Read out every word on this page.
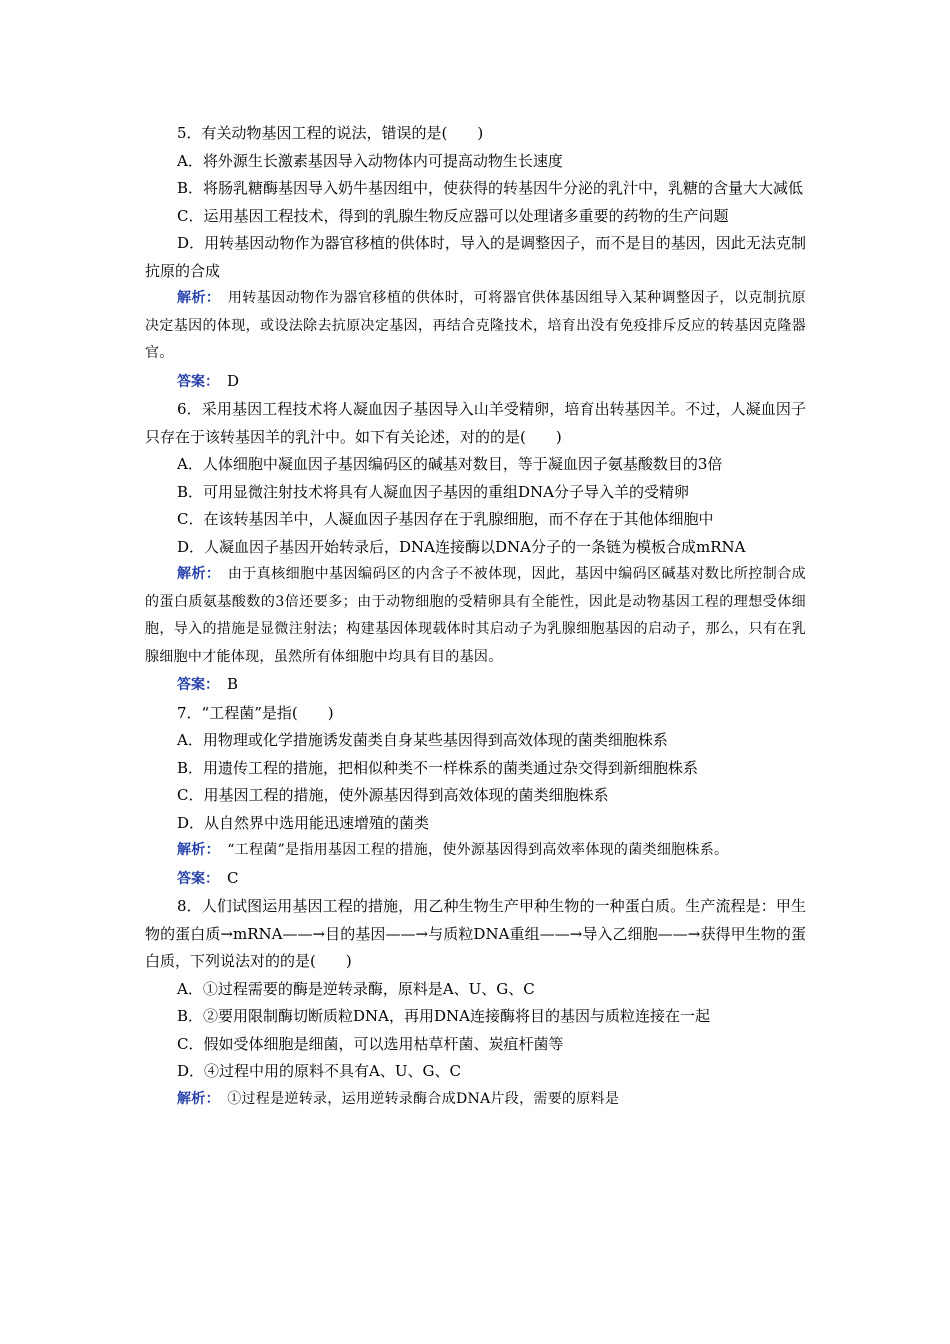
5．有关动物基因工程的说法，错误的是(　　)

A．将外源生长激素基因导入动物体内可提高动物生长速度

B．将肠乳糖酶基因导入奶牛基因组中，使获得的转基因牛分泌的乳汁中，乳糖的含量大大减低

C．运用基因工程技术，得到的乳腺生物反应器可以处理诸多重要的药物的生产问题

D．用转基因动物作为器官移植的供体时，导入的是调整因子，而不是目的基因，因此无法克制抗原的合成

解析：　用转基因动物作为器官移植的供体时，可将器官供体基因组导入某种调整因子，以克制抗原决定基因的体现，或设法除去抗原决定基因，再结合克隆技术，培育出没有免疫排斥反应的转基因克隆器官。

答案：　 D

6．采用基因工程技术将人凝血因子基因导入山羊受精卵，培育出转基因羊。不过，人凝血因子只存在于该转基因羊的乳汁中。如下有关论述，对的的是(　　)

A．人体细胞中凝血因子基因编码区的碱基对数目，等于凝血因子氨基酸数目的3倍

B．可用显微注射技术将具有人凝血因子基因的重组DNA分子导入羊的受精卵

C．在该转基因羊中，人凝血因子基因存在于乳腺细胞，而不存在于其他体细胞中

D．人凝血因子基因开始转录后，DNA连接酶以DNA分子的一条链为模板合成mRNA

解析：　由于真核细胞中基因编码区的内含子不被体现，因此，基因中编码区碱基对数比所控制合成的蛋白质氨基酸数的3倍还要多；由于动物细胞的受精卵具有全能性，因此是动物基因工程的理想受体细胞，导入的措施是显微注射法；构建基因体现载体时其启动子为乳腺细胞基因的启动子，那么，只有在乳腺细胞中才能体现，虽然所有体细胞中均具有目的基因。

答案：　 B

7．“工程菌”是指(　　)

A．用物理或化学措施诱发菌类自身某些基因得到高效体现的菌类细胞株系

B．用遗传工程的措施，把相似种类不一样株系的菌类通过杂交得到新细胞株系

C．用基因工程的措施，使外源基因得到高效体现的菌类细胞株系

D．从自然界中选用能迅速增殖的菌类

解析：　“工程菌”是指用基因工程的措施，使外源基因得到高效率体现的菌类细胞株系。

答案：　 C

8．人们试图运用基因工程的措施，用乙种生物生产甲种生物的一种蛋白质。生产流程是：甲生物的蛋白质→mRNA——→目的基因——→与质粒DNA重组——→导入乙细胞——→获得甲生物的蛋白质，下列说法对的的是(　　)

A．①过程需要的酶是逆转录酶，原料是A、U、G、C

B．②要用限制酶切断质粒DNA，再用DNA连接酶将目的基因与质粒连接在一起

C．假如受体细胞是细菌，可以选用枯草杆菌、炭疽杆菌等

D．④过程中用的原料不具有A、U、G、C

解析：　①过程是逆转录，运用逆转录酶合成DNA片段，需要的原料是
